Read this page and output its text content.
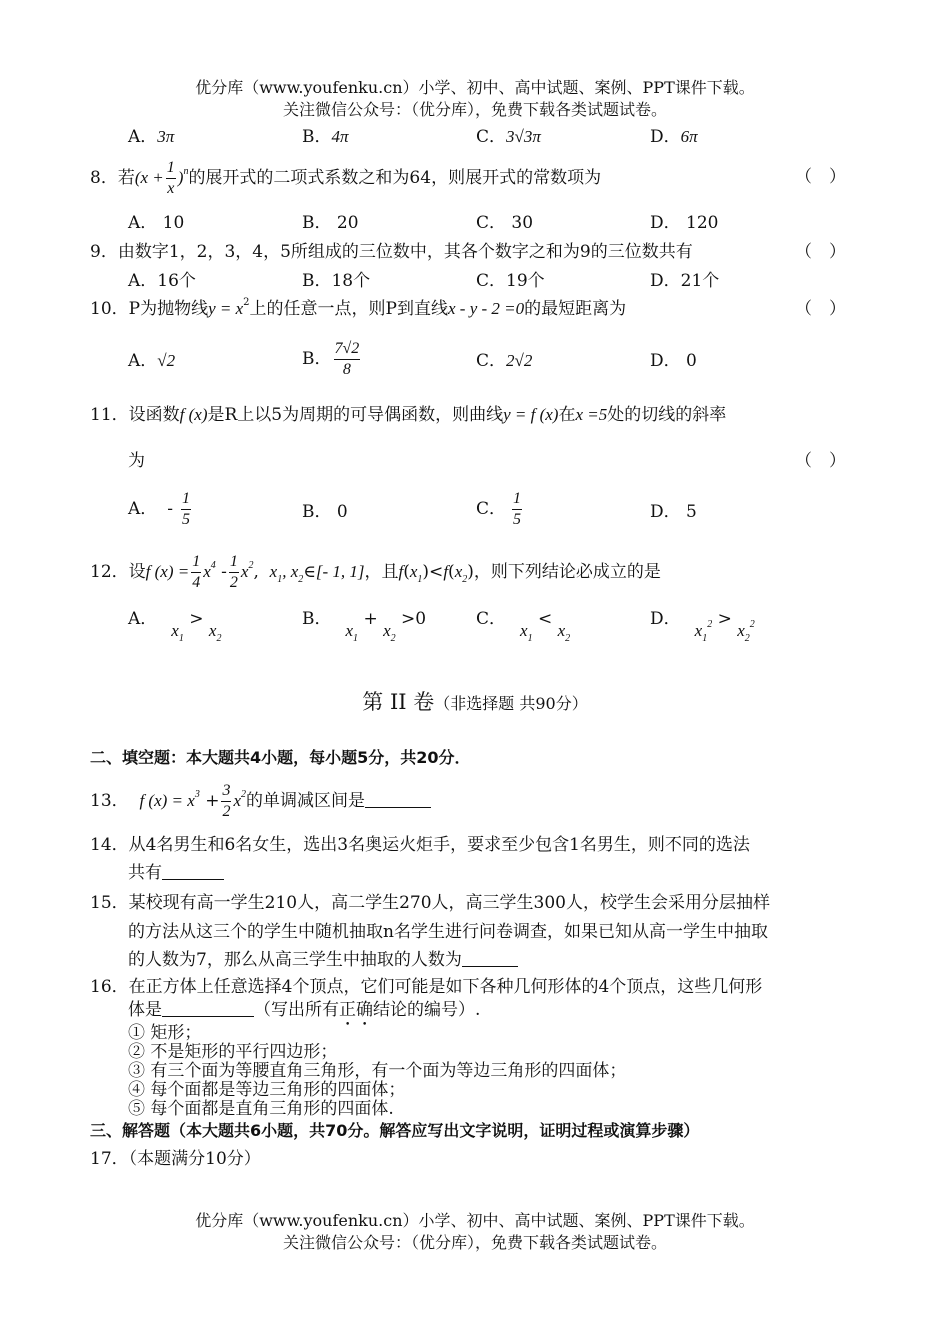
优分库（www.youfenku.cn）小学、初中、高中试题、案例、PPT课件下载。
关注微信公众号：（优分库），免费下载各类试题试卷。
A．3π	B．4π	C．3√3π	D．6π
8．若$(x + \frac{1}{x} )^n$的展开式的二项式系数之和为64，则展开式的常数项为	（　）
A． 10	B． 20	C． 30	D． 120
9．由数字1，2，3，4，5所组成的三位数中，其各个数字之和为9的三位数共有	（　）
A．16个	B．18个	C．19个	D．21个
10．P为抛物线$y = x^2$上的任意一点，则P到直线x - y - 2 =0的最短距离为	（　）
A．√2	B． $\frac{7√2}{8}$	C．2√2	D． 0
11．设函数f (x)是R上以5为周期的可导偶函数，则曲线y = f (x)在x =5处的切线的斜率
为	（　）
A． - $\frac{1}{5}$	B． 0	C． $\frac{1}{5}$	D． 5
12．设f $(x) = \frac{1}{4} x^4 - \frac{1}{2} x^2$,  $x_1$, $x_2\in[-$ 1, 1]，且$f(x_1)<f(x_2)$，则下列结论必成立的是
A．$x_1 > x_2$
B．$x_1 + x_2 >0$	C．$x_1 < x_2$
D．$x_1^2 > x_2^2$
第 II 卷（非选择题 共90分）
二、填空题：本大题共4小题，每小题5分，共20分．
13． f $(x) = x^3 + \frac{3}{2} x^2$的单调减区间是
14．从4名男生和6名女生，选出3名奥运火炬手，要求至少包含1名男生，则不同的选法
共有
15．某校现有高一学生210人，高二学生270人，高三学生300人，校学生会采用分层抽样
的方法从这三个的学生中随机抽取n名学生进行问卷调查，如果已知从高一学生中抽取
的人数为7，那么从高三学生中抽取的人数为
16．在正方体上任意选择4个顶点，它们可能是如下各种几何形体的4个顶点，这些几何形
体是	（写出所有正确结论的编号）.
① 矩形；
② 不是矩形的平行四边形；
③ 有三个面为等腰直角三角形，有一个面为等边三角形的四面体；
④ 每个面都是等边三角形的四面体；
⑤ 每个面都是直角三角形的四面体.
三、解答题（本大题共6小题，共70分。解答应写出文字说明，证明过程或演算步骤）
17．（本题满分10分）
优分库（www.youfenku.cn）小学、初中、高中试题、案例、PPT课件下载。
关注微信公众号：（优分库），免费下载各类试题试卷。
